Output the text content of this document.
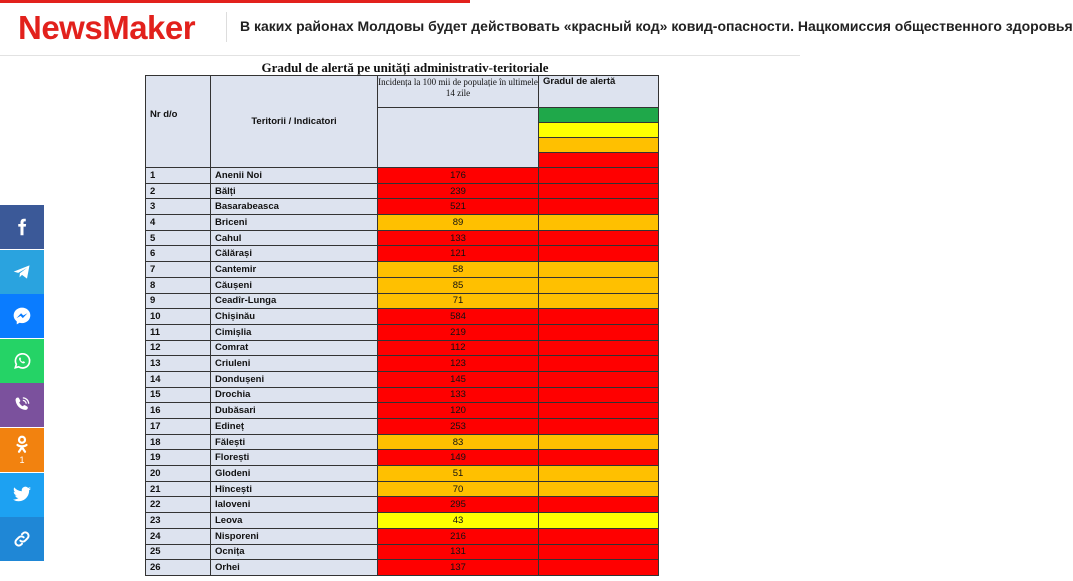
NewsMaker	В каких районах Молдовы будет действовать «красный код» ковид-опасности. Нацкомиссия общественного здоровья
Gradul de alertă pe unități administrativ-teritoriale
Nr d/o	Teritorii / Indicatori	Incidența la 100 mii de populație în ultimele 14 zile	Gradul de alertă

1	Anenii Noi	176	
2	Bălți	239	
3	Basarabeasca	521	
4	Briceni	89	
5	Cahul	133	
6	Călărași	121	
7	Cantemir	58	
8	Căușeni	85	
9	Ceadîr-Lunga	71	
10	Chișinău	584	
11	Cimișlia	219	
12	Comrat	112	
13	Criuleni	123	
14	Dondușeni	145	
15	Drochia	133	
16	Dubăsari	120	
17	Edineț	253	
18	Fălești	83	
19	Florești	149	
20	Glodeni	51	
21	Hîncești	70	
22	Ialoveni	295	
23	Leova	43	
24	Nisporeni	216	
25	Ocnița	131	
26	Orhei	137	
1
